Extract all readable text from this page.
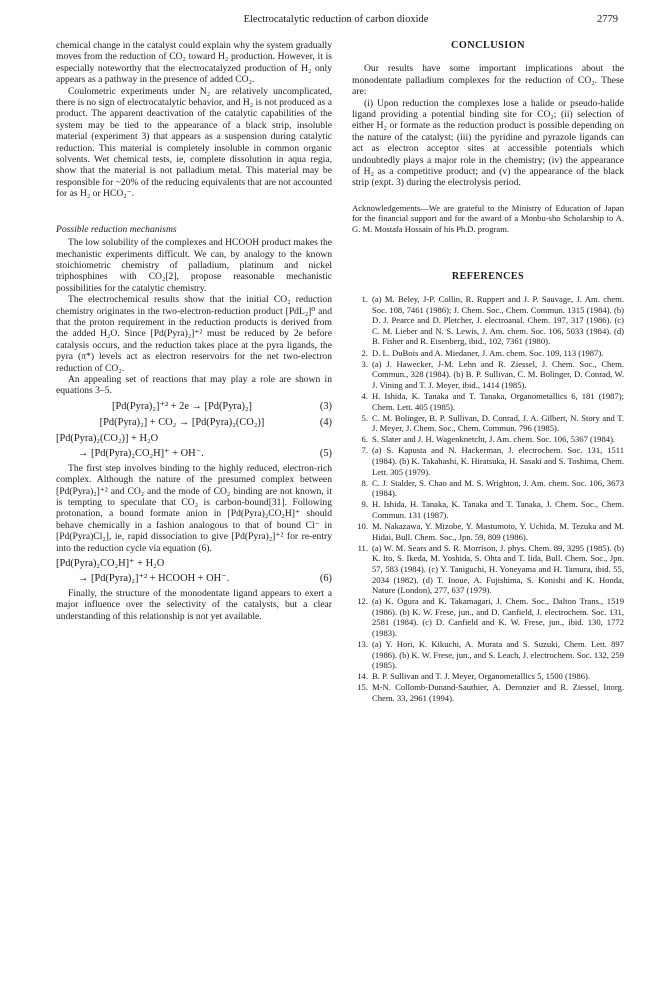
Electrocatalytic reduction of carbon dioxide	2779

chemical change in the catalyst could explain why the system gradually moves from the reduction of CO₂ toward H₂ production. However, it is especially noteworthy that the electrocatalyzed production of H₂ only appears as a pathway in the presence of added CO₂.

Coulometric experiments under N₂ are relatively uncomplicated, there is no sign of electrocatalytic behavior, and H₂ is not produced as a product. The apparent deactivation of the catalytic capabilities of the system may be tied to the appearance of a black strip, insoluble material (experiment 3) that appears as a suspension during catalytic reduction. This material is completely insoluble in common organic solvents. Wet chemical tests, ie, complete dissolution in aqua regia, show that the material is not palladium metal. This material may be responsible for ~20% of the reducing equivalents that are not accounted for as H₂ or HCO₂⁻.

Possible reduction mechanisms

The low solubility of the complexes and HCOOH product makes the mechanistic experiments difficult. We can, by analogy to the known stoichiometric chemistry of palladium, platinum and nickel triphosphines with CO₂[2], propose reasonable mechanistic possibilities for the catalytic chemistry.

The electrochemical results show that the initial CO₂ reduction chemistry originates in the two-electron-reduction product [PdL₂]⁰ and that the proton requirement in the reduction products is derived from the added H₂O. Since [Pd(Pyra)₂]⁺² must be reduced by 2e before catalysis occurs, and the reduction takes place at the pyra ligands, the pyra (π*) levels act as electron reservoirs for the net two-electron reduction of CO₂.

An appealing set of reactions that may play a role are shown in equations 3–5.

[Pd(Pyra)₂]⁺² + 2e → [Pd(Pyra)₂]	(3)
[Pd(Pyra)₂] + CO₂ → [Pd(Pyra)₂(CO₂)]	(4)
[Pd(Pyra)₂(CO₂)] + H₂O
→ [Pd(Pyra)₂CO₂H]⁺ + OH⁻.	(5)

The first step involves binding to the highly reduced, electron-rich complex. Although the nature of the presumed complex between [Pd(Pyra)₂]⁺² and CO₂ and the mode of CO₂ binding are not known, it is tempting to speculate that CO₂ is carbon-bound[31]. Following protonation, a bound formate anion in [Pd(Pyra)₂CO₂H]⁺ should behave chemically in a fashion analogous to that of bound Cl⁻ in [Pd(Pyra)Cl₂], ie, rapid dissociation to give [Pd(Pyra)₂]⁺² for re-entry into the reduction cycle via equation (6).

[Pd(Pyra)₂CO₂H]⁺ + H₂O
→ [Pd(Pyra)₂]⁺² + HCOOH + OH⁻.	(6)

Finally, the structure of the monodentate ligand appears to exert a major influence over the selectivity of the catalysts, but a clear understanding of this relationship is not yet available.

CONCLUSION

Our results have some important implications about the monodentate palladium complexes for the reduction of CO₂. These are:

(i) Upon reduction the complexes lose a halide or pseudo-halide ligand providing a potential binding site for CO₂; (ii) selection of either H₂ or formate as the reduction product is possible depending on the nature of the catalyst; (iii) the pyridine and pyrazole ligands can act as electron acceptor sites at accessible potentials which undoubtedly plays a major role in the chemistry; (iv) the appearance of H₂ as a competitive product; and (v) the appearance of the black strip (expt. 3) during the electrolysis period.

Acknowledgements—We are grateful to the Ministry of Education of Japan for the financial support and for the award of a Monbu-sho Scholarship to A. G. M. Mostafa Hossain of his Ph.D. program.

REFERENCES
1. (a) M. Beley, J-P. Collin, R. Ruppert and J. P. Sauvage, J. Am. chem. Soc. 108, 7461 (1986); J. Chem. Soc., Chem. Commun. 1315 (1984). (b) D. J. Pearce and D. Pletcher, J. electroanal. Chem. 197, 317 (1986). (c) C. M. Lieber and N. S. Lewis, J. Am. chem. Soc. 106, 5033 (1984). (d) B. Fisher and R. Eisenberg, ibid., 102, 7361 (1980).
2. D. L. DuBois and A. Miedaner, J. Am. chem. Soc. 109, 113 (1987).
3. (a) J. Hawecker, J-M. Lehn and R. Ziessel, J. Chem. Soc., Chem. Commun., 328 (1984). (b) B. P. Sullivan, C. M. Bolinger, D. Conrad, W. J. Vining and T. J. Meyer, ibid., 1414 (1985).
4. H. Ishida, K. Tanaka and T. Tanaka, Organometallics 6, 181 (1987); Chem. Lett. 405 (1985).
5. C. M. Bolinger, B. P. Sullivan, D. Conrad, J. A. Gilbert, N. Story and T. J. Meyer, J. Chem. Soc., Chem. Commun. 796 (1985).
6. S. Slater and J. H. Wagenknetcht, J. Am. chem. Soc. 106, 5367 (1984).
7. (a) S. Kapusta and N. Hackerman, J. electrochem. Soc. 131, 1511 (1984). (b) K. Takahashi, K. Hiratsuka, H. Sasaki and S. Toshima, Chem. Lett. 305 (1979).
8. C. J. Stalder, S. Chao and M. S. Wrighton, J. Am. chem. Soc. 106, 3673 (1984).
9. H. Ishida, H. Tanaka, K. Tanaka and T. Tanaka, J. Chem. Soc., Chem. Commun. 131 (1987).
10. M. Nakazawa, Y. Mizobe, Y. Mastumoto, Y. Uchida, M. Tezuka and M. Hidai, Bull. Chem. Soc., Jpn. 59, 809 (1986).
11. (a) W. M. Sears and S. R. Morrison, J. phys. Chem. 89, 3295 (1985). (b) K. Ito, S. Ikeda, M. Yoshida, S. Ohta and T. Iida, Bull. Chem. Soc., Jpn. 57, 583 (1984). (c) Y. Taniguchi, H. Yoneyama and H. Tamura, ibid. 55, 2034 (1982). (d) T. Inoue, A. Fujishima, S. Konishi and K. Honda, Nature (London), 277, 637 (1979).
12. (a) K. Ogura and K. Takamagari, J. Chem. Soc., Dalton Trans., 1519 (1986). (b) K. W. Frese, jun., and D. Canfield, J. electrochem. Soc. 131, 2581 (1984). (c) D. Canfield and K. W. Frese, jun., ibid. 130, 1772 (1983).
13. (a) Y. Hori, K. Kikuchi, A. Murata and S. Suzuki, Chem. Lett. 897 (1986). (b) K. W. Frese, jun., and S. Leach, J. electrochem. Soc. 132, 259 (1985).
14. B. P. Sullivan and T. J. Meyer, Organometallics 5, 1500 (1986).
15. M-N. Collomb-Dunand-Sauthier, A. Deronzier and R. Ziessel, Inorg. Chem. 33, 2961 (1994).
